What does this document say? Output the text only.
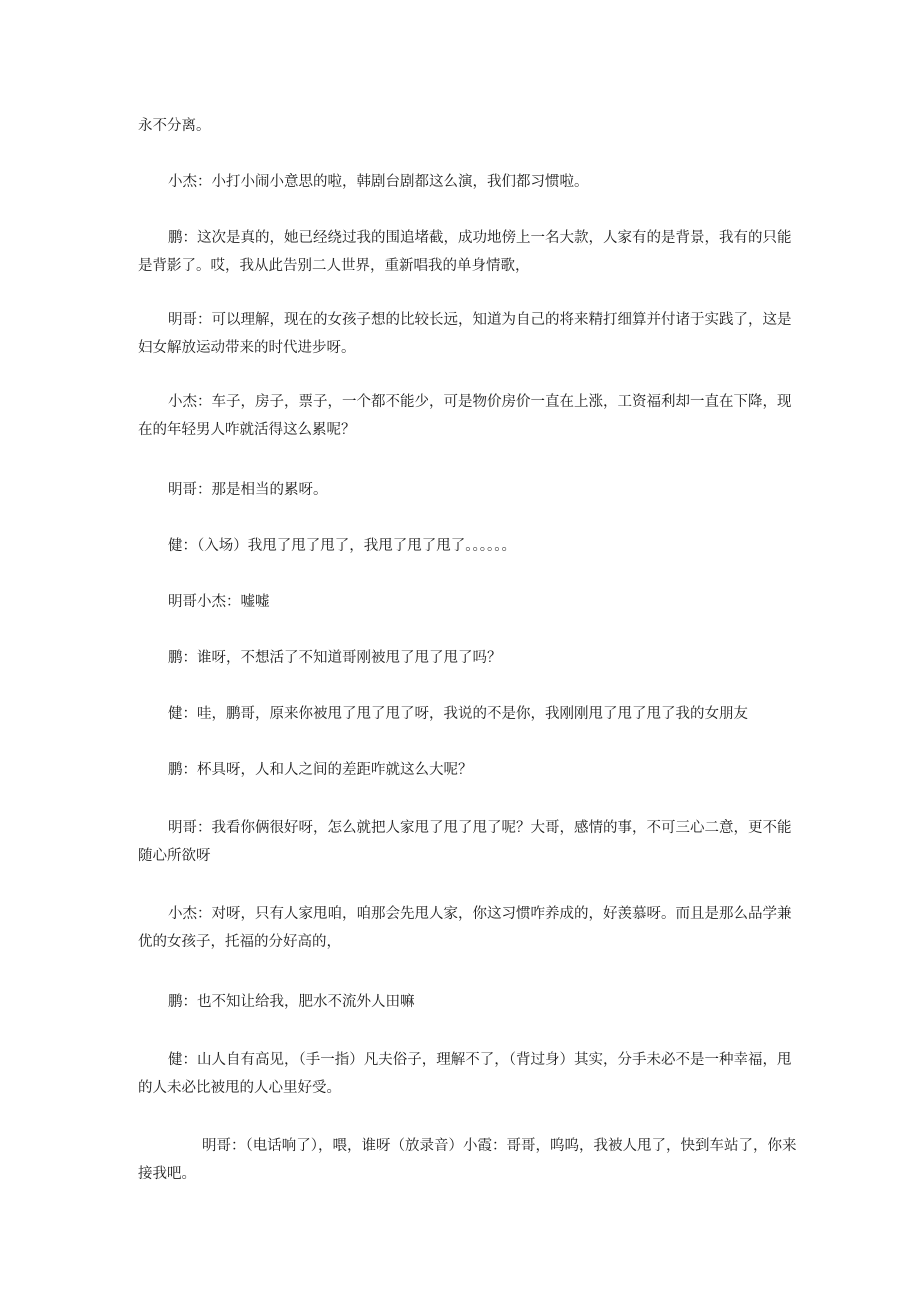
永不分离。

小杰：小打小闹小意思的啦，韩剧台剧都这么演，我们都习惯啦。

鹏：这次是真的，她已经绕过我的围追堵截，成功地傍上一名大款，人家有的是背景，我有的只能是背影了。哎，我从此告别二人世界，重新唱我的单身情歌，

明哥：可以理解，现在的女孩子想的比较长远，知道为自己的将来精打细算并付诸于实践了，这是妇女解放运动带来的时代进步呀。

小杰：车子，房子，票子，一个都不能少，可是物价房价一直在上涨，工资福利却一直在下降，现在的年轻男人咋就活得这么累呢？

明哥：那是相当的累呀。

健：（入场）我甩了甩了甩了，我甩了甩了甩了。。。。。。

明哥小杰：嘘嘘

鹏：谁呀，不想活了不知道哥刚被甩了甩了甩了吗？

健：哇，鹏哥，原来你被甩了甩了甩了呀，我说的不是你，我刚刚甩了甩了甩了我的女朋友

鹏：杯具呀，人和人之间的差距咋就这么大呢？

明哥：我看你俩很好呀，怎么就把人家甩了甩了甩了呢？大哥，感情的事，不可三心二意，更不能随心所欲呀

小杰：对呀，只有人家甩咱，咱那会先甩人家，你这习惯咋养成的，好羡慕呀。而且是那么品学兼优的女孩子，托福的分好高的，

鹏：也不知让给我，肥水不流外人田嘛

健：山人自有高见，（手一指）凡夫俗子，理解不了，（背过身）其实，分手未必不是一种幸福，甩的人未必比被甩的人心里好受。

明哥：（电话响了），喂，谁呀（放录音）小霞：哥哥，呜呜，我被人甩了，快到车站了，你来接我吧。
